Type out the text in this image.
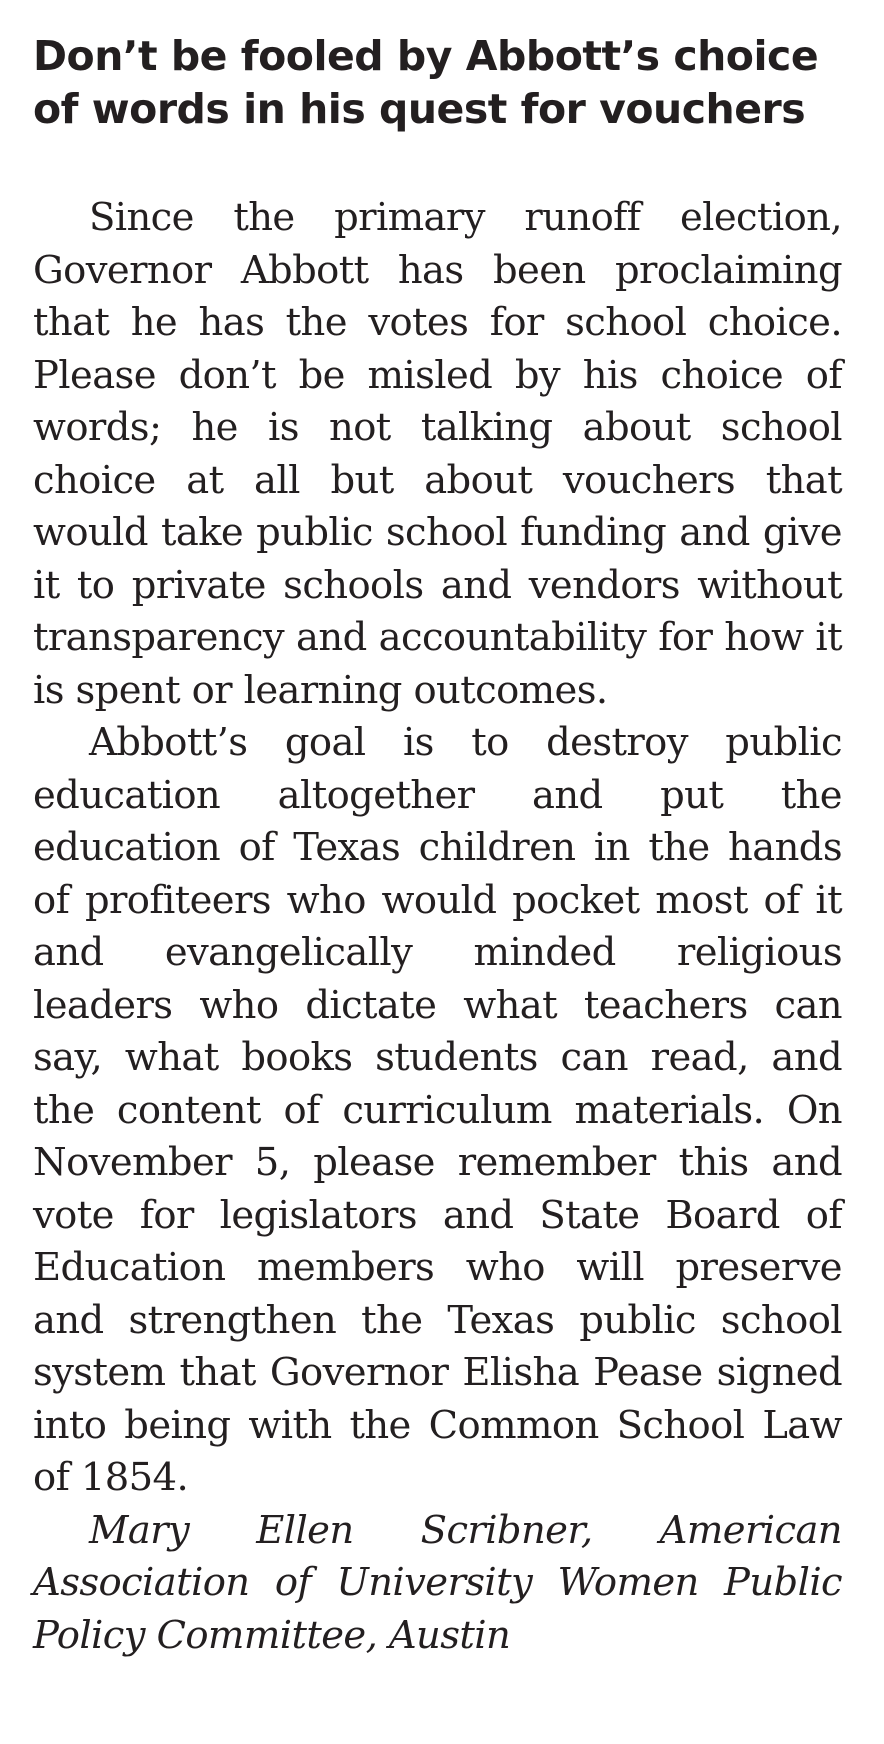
Don’t be fooled by Abbott’s choice of words in his quest for vouchers

Since the primary runoff election, Governor Abbott has been proclaiming that he has the votes for school choice. Please don’t be misled by his choice of words; he is not talking about school choice at all but about vouchers that would take public school funding and give it to private schools and vendors without transparency and accountability for how it is spent or learning outcomes.

Abbott’s goal is to destroy public education altogether and put the education of Texas children in the hands of profiteers who would pocket most of it and evangelically minded religious leaders who dictate what teachers can say, what books students can read, and the content of curriculum materials. On November 5, please remember this and vote for legislators and State Board of Education members who will preserve and strengthen the Texas public school system that Governor Elisha Pease signed into being with the Common School Law of 1854.

Mary Ellen Scribner, American Association of University Women Public Policy Committee, Austin
